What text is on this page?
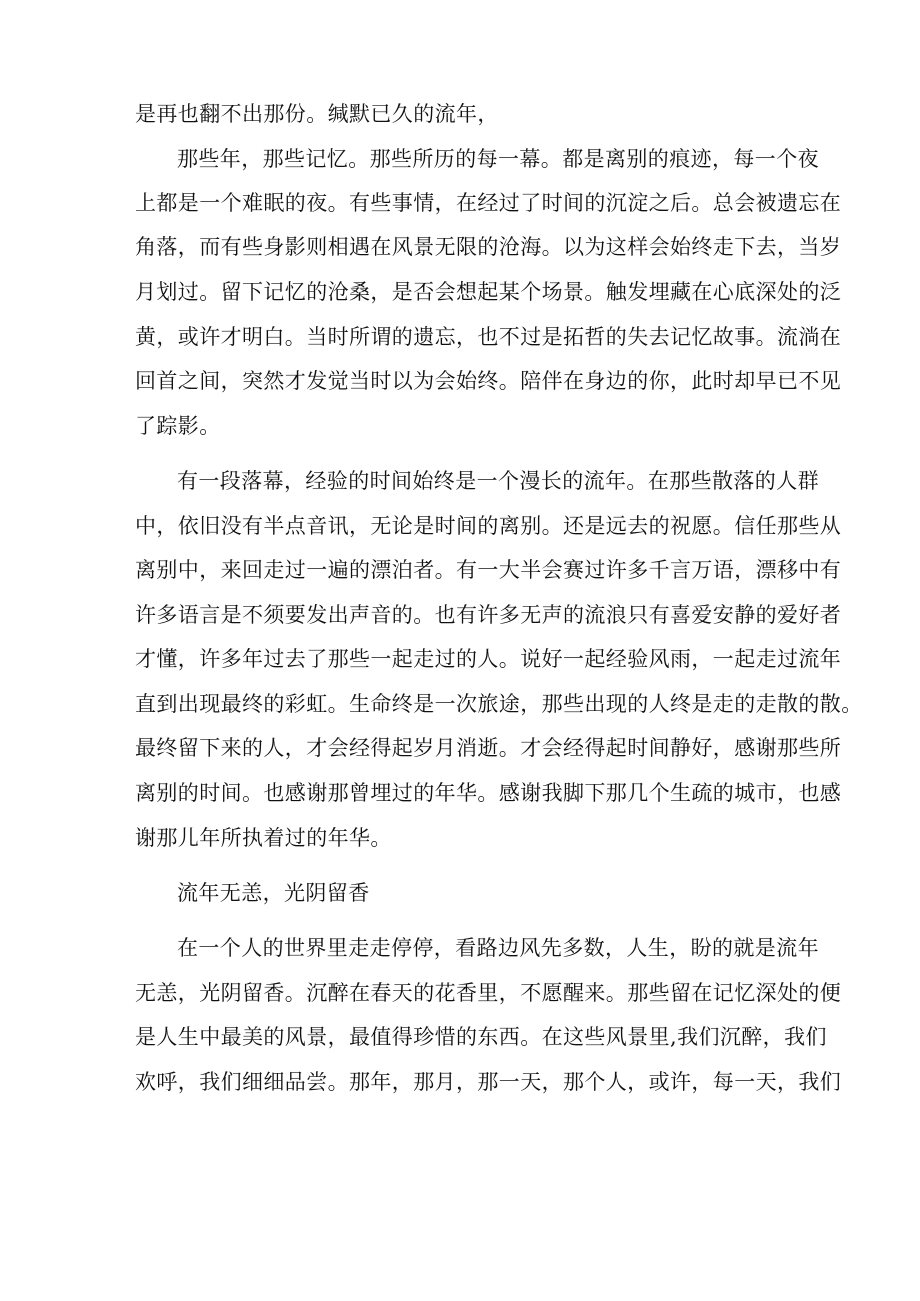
是再也翻不出那份。缄默已久的流年，
那些年，那些记忆。那些所历的每一幕。都是离别的痕迹，每一个夜
上都是一个难眠的夜。有些事情，在经过了时间的沉淀之后。总会被遗忘在
角落，而有些身影则相遇在风景无限的沧海。以为这样会始终走下去，当岁
月划过。留下记忆的沧桑，是否会想起某个场景。触发埋藏在心底深处的泛
黄，或许才明白。当时所谓的遗忘，也不过是拓哲的失去记忆故事。流淌在
回首之间，突然才发觉当时以为会始终。陪伴在身边的你，此时却早已不见
了踪影。
有一段落幕，经验的时间始终是一个漫长的流年。在那些散落的人群
中，依旧没有半点音讯，无论是时间的离别。还是远去的祝愿。信任那些从
离别中，来回走过一遍的漂泊者。有一大半会赛过许多千言万语，漂移中有
许多语言是不须要发出声音的。也有许多无声的流浪只有喜爱安静的爱好者
才懂，许多年过去了那些一起走过的人。说好一起经验风雨，一起走过流年
直到出现最终的彩虹。生命终是一次旅途，那些出现的人终是走的走散的散。
最终留下来的人，才会经得起岁月消逝。才会经得起时间静好，感谢那些所
离别的时间。也感谢那曾埋过的年华。感谢我脚下那几个生疏的城市，也感
谢那儿年所执着过的年华。
流年无恙，光阴留香
在一个人的世界里走走停停，看路边风先多数，人生，盼的就是流年
无恙，光阴留香。沉醉在春天的花香里，不愿醒来。那些留在记忆深处的便
是人生中最美的风景，最值得珍惜的东西。在这些风景里,我们沉醉，我们
欢呼，我们细细品尝。那年，那月，那一天，那个人，或许，每一天，我们
